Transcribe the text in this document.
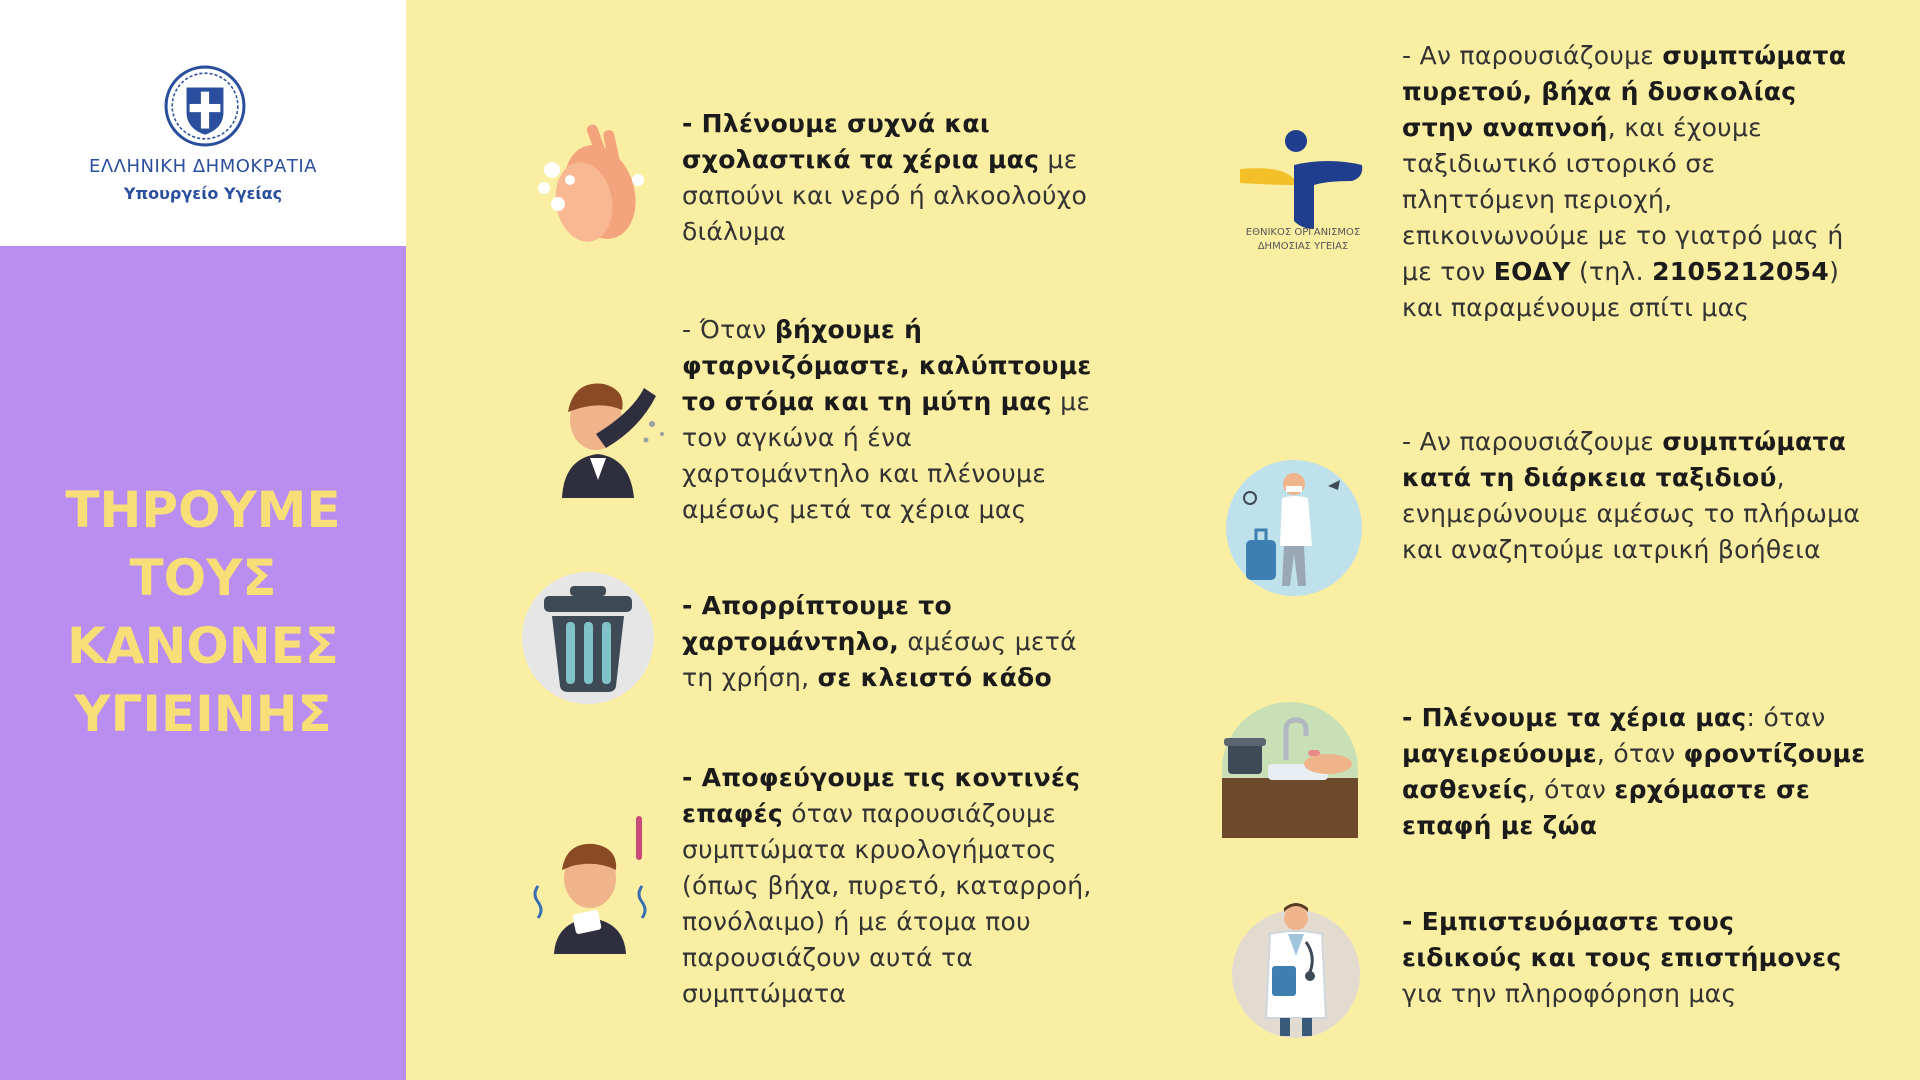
ΕΛΛΗΝΙΚΗ ΔΗΜΟΚΡΑΤΙΑ
Υπουργείο Υγείας
ΤΗΡΟΥΜΕ
ΤΟΥΣ
ΚΑΝΟΝΕΣ
ΥΓΙΕΙΝΗΣ
- Πλένουμε συχνά και σχολαστικά τα χέρια μας με σαπούνι και νερό ή αλκοολούχο διάλυμα
- Όταν βήχουμε ή φταρνιζόμαστε, καλύπτουμε το στόμα και τη μύτη μας με τον αγκώνα ή ένα χαρτομάντηλο και πλένουμε αμέσως μετά τα χέρια μας
- Απορρίπτουμε το χαρτομάντηλο, αμέσως μετά τη χρήση, σε κλειστό κάδο
- Αποφεύγουμε τις κοντινές επαφές όταν παρουσιάζουμε συμπτώματα κρυολογήματος (όπως βήχα, πυρετό, καταρροή, πονόλαιμο) ή με άτομα που παρουσιάζουν αυτά τα συμπτώματα
ΕΘΝΙΚΟΣ ΟΡΓΑΝΙΣΜΟΣ
ΔΗΜΟΣΙΑΣ ΥΓΕΙΑΣ
- Αν παρουσιάζουμε συμπτώματα πυρετού, βήχα ή δυσκολίας στην αναπνοή, και έχουμε ταξιδιωτικό ιστορικό σε πληττόμενη περιοχή, επικοινωνούμε με το γιατρό μας ή με τον ΕΟΔΥ (τηλ. 2105212054) και παραμένουμε σπίτι μας
- Αν παρουσιάζουμε συμπτώματα κατά τη διάρκεια ταξιδιού, ενημερώνουμε αμέσως το πλήρωμα και αναζητούμε ιατρική βοήθεια
- Πλένουμε τα χέρια μας: όταν μαγειρεύουμε, όταν φροντίζουμε ασθενείς, όταν ερχόμαστε σε επαφή με ζώα
- Εμπιστευόμαστε τους ειδικούς και τους επιστήμονες για την πληροφόρηση μας
